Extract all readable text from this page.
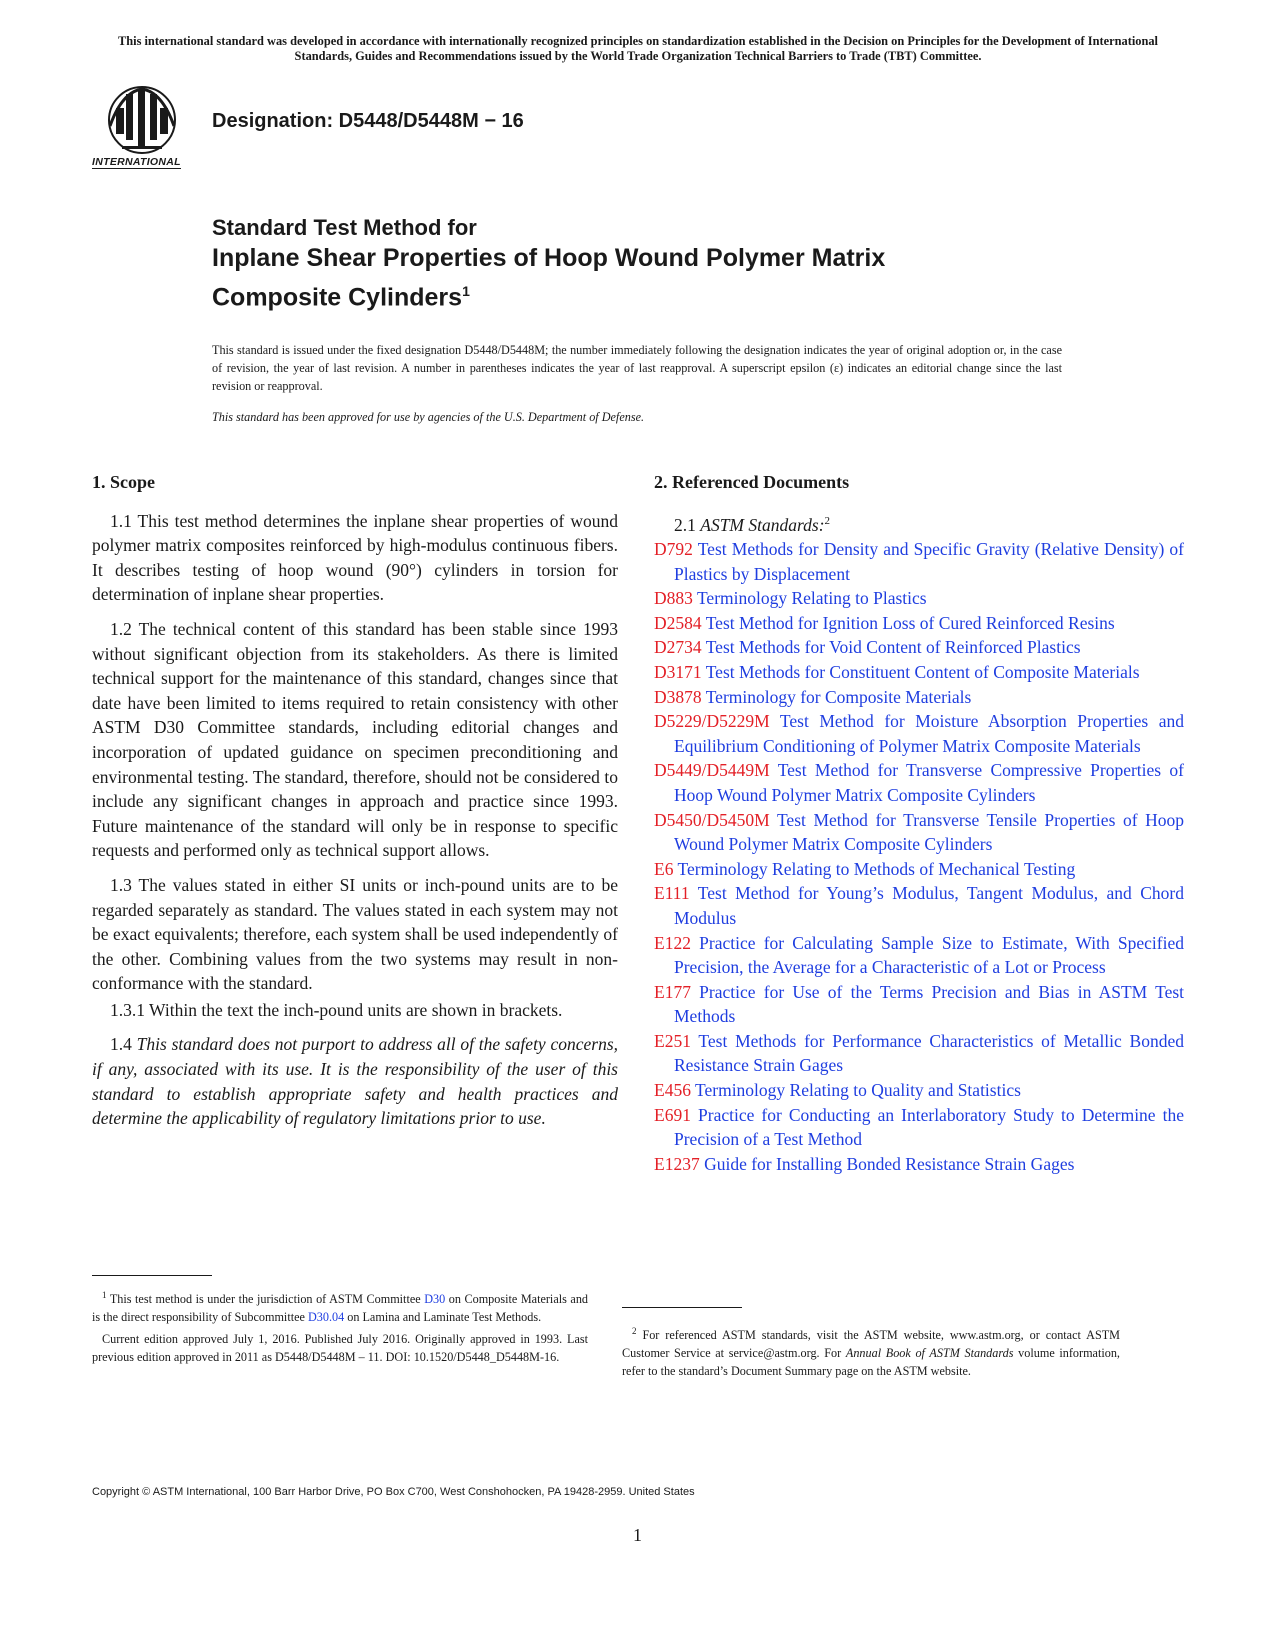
This international standard was developed in accordance with internationally recognized principles on standardization established in the Decision on Principles for the Development of International Standards, Guides and Recommendations issued by the World Trade Organization Technical Barriers to Trade (TBT) Committee.
INTERNATIONAL
Designation: D5448/D5448M − 16
Standard Test Method for
Inplane Shear Properties of Hoop Wound Polymer Matrix
Composite Cylinders$^1$
This standard is issued under the fixed designation D5448/D5448M; the number immediately following the designation indicates the year of original adoption or, in the case of revision, the year of last revision. A number in parentheses indicates the year of last reapproval. A superscript epsilon (ε) indicates an editorial change since the last revision or reapproval.
This standard has been approved for use by agencies of the U.S. Department of Defense.
1. Scope

1.1 This test method determines the inplane shear properties of wound polymer matrix composites reinforced by high-modulus continuous fibers. It describes testing of hoop wound (90°) cylinders in torsion for determination of inplane shear properties.

1.2 The technical content of this standard has been stable since 1993 without significant objection from its stakeholders. As there is limited technical support for the maintenance of this standard, changes since that date have been limited to items required to retain consistency with other ASTM D30 Committee standards, including editorial changes and incorporation of updated guidance on specimen preconditioning and environmental testing. The standard, therefore, should not be considered to include any significant changes in approach and practice since 1993. Future maintenance of the standard will only be in response to specific requests and performed only as technical support allows.

1.3 The values stated in either SI units or inch-pound units are to be regarded separately as standard. The values stated in each system may not be exact equivalents; therefore, each system shall be used independently of the other. Combining values from the two systems may result in non-conformance with the standard.

1.3.1 Within the text the inch-pound units are shown in brackets.

1.4 This standard does not purport to address all of the safety concerns, if any, associated with its use. It is the responsibility of the user of this standard to establish appropriate safety and health practices and determine the applicability of regulatory limitations prior to use.

2. Referenced Documents

2.1 ASTM Standards:$^2$

D792 Test Methods for Density and Specific Gravity (Relative Density) of Plastics by Displacement

D883 Terminology Relating to Plastics

D2584 Test Method for Ignition Loss of Cured Reinforced Resins

D2734 Test Methods for Void Content of Reinforced Plastics

D3171 Test Methods for Constituent Content of Composite Materials

D3878 Terminology for Composite Materials

D5229/D5229M Test Method for Moisture Absorption Properties and Equilibrium Conditioning of Polymer Matrix Composite Materials

D5449/D5449M Test Method for Transverse Compressive Properties of Hoop Wound Polymer Matrix Composite Cylinders

D5450/D5450M Test Method for Transverse Tensile Properties of Hoop Wound Polymer Matrix Composite Cylinders

E6 Terminology Relating to Methods of Mechanical Testing

E111 Test Method for Young’s Modulus, Tangent Modulus, and Chord Modulus

E122 Practice for Calculating Sample Size to Estimate, With Specified Precision, the Average for a Characteristic of a Lot or Process

E177 Practice for Use of the Terms Precision and Bias in ASTM Test Methods

E251 Test Methods for Performance Characteristics of Metallic Bonded Resistance Strain Gages

E456 Terminology Relating to Quality and Statistics

E691 Practice for Conducting an Interlaboratory Study to Determine the Precision of a Test Method

E1237 Guide for Installing Bonded Resistance Strain Gages

$^1$ This test method is under the jurisdiction of ASTM Committee D30 on Composite Materials and is the direct responsibility of Subcommittee D30.04 on Lamina and Laminate Test Methods.

Current edition approved July 1, 2016. Published July 2016. Originally approved in 1993. Last previous edition approved in 2011 as D5448/D5448M – 11. DOI: 10.1520/D5448_D5448M-16.

$^2$ For referenced ASTM standards, visit the ASTM website, www.astm.org, or contact ASTM Customer Service at service@astm.org. For Annual Book of ASTM Standards volume information, refer to the standard’s Document Summary page on the ASTM website.

Copyright © ASTM International, 100 Barr Harbor Drive, PO Box C700, West Conshohocken, PA 19428-2959. United States
1
